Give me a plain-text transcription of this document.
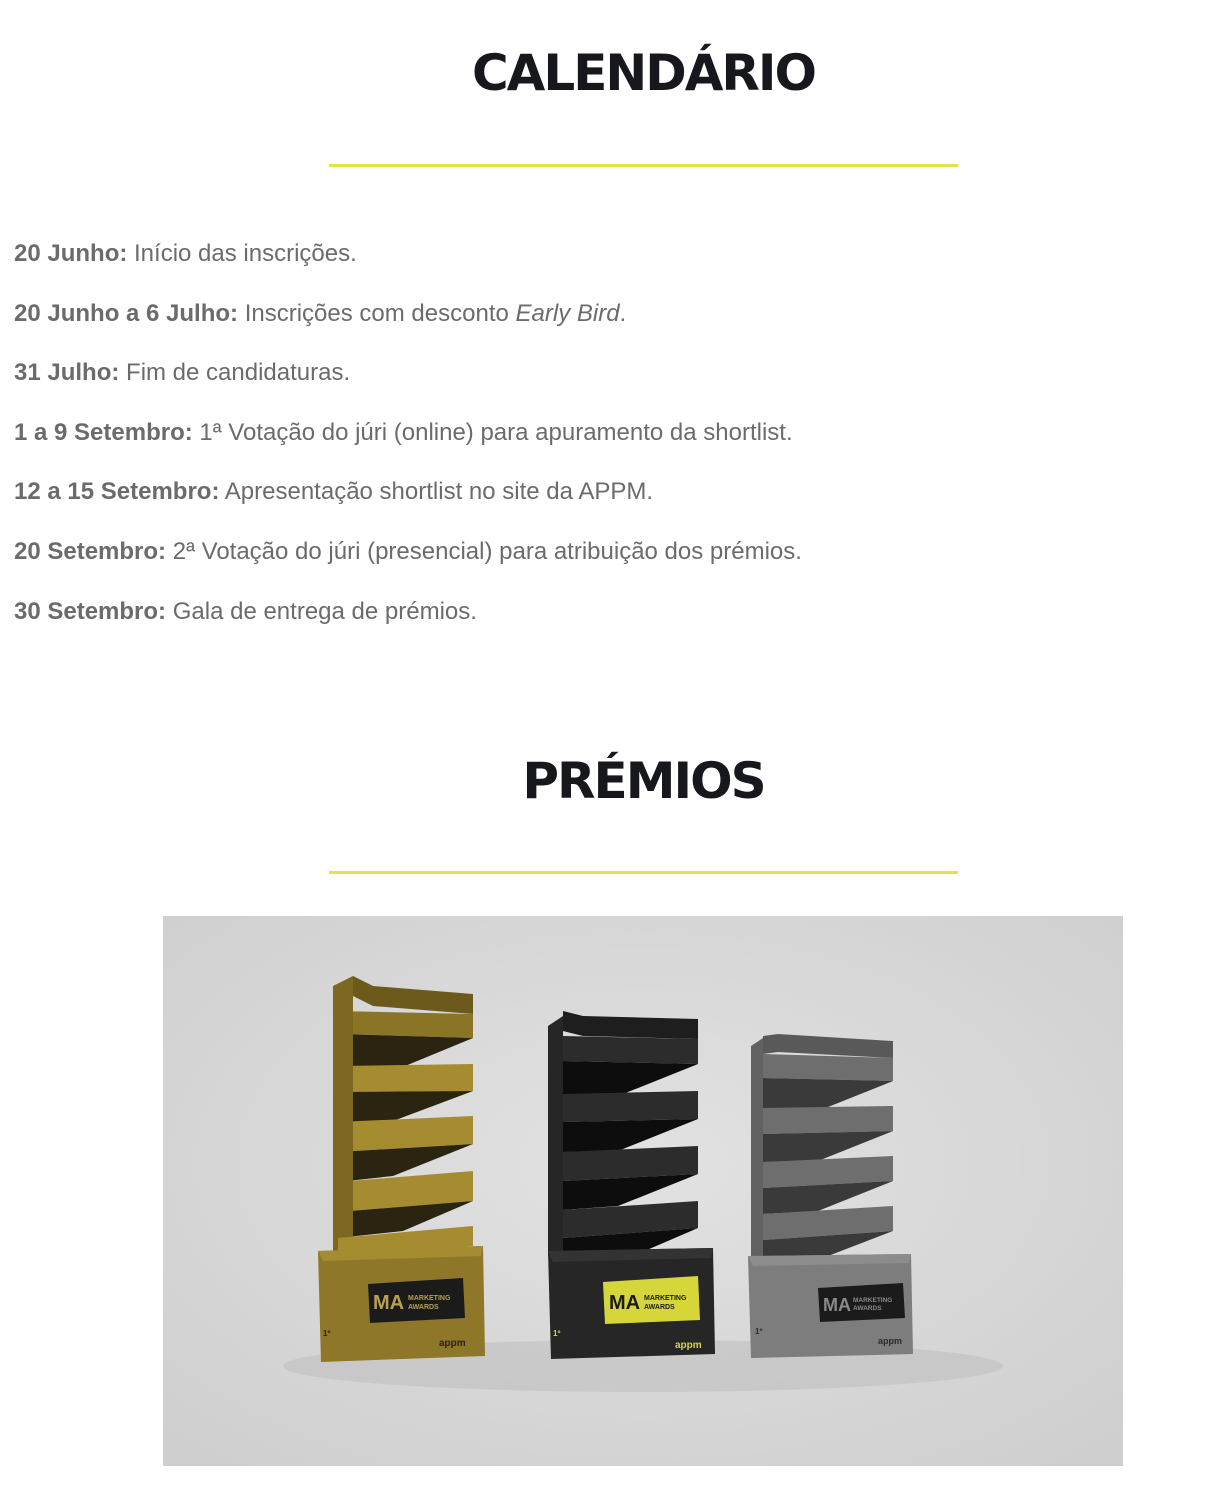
CALENDÁRIO
20 Junho: Início das inscrições.
20 Junho a 6 Julho: Inscrições com desconto Early Bird.
31 Julho: Fim de candidaturas.
1 a 9 Setembro: 1ª Votação do júri (online) para apuramento da shortlist.
12 a 15 Setembro: Apresentação shortlist no site da APPM.
20 Setembro: 2ª Votação do júri (presencial) para atribuição dos prémios.
30 Setembro: Gala de entrega de prémios.
PRÉMIOS
MA MARKETING
AWARDS
appm
1º
MA MARKETING
AWARDS
appm
1º
MA MARKETING
AWARDS
appm
1º
